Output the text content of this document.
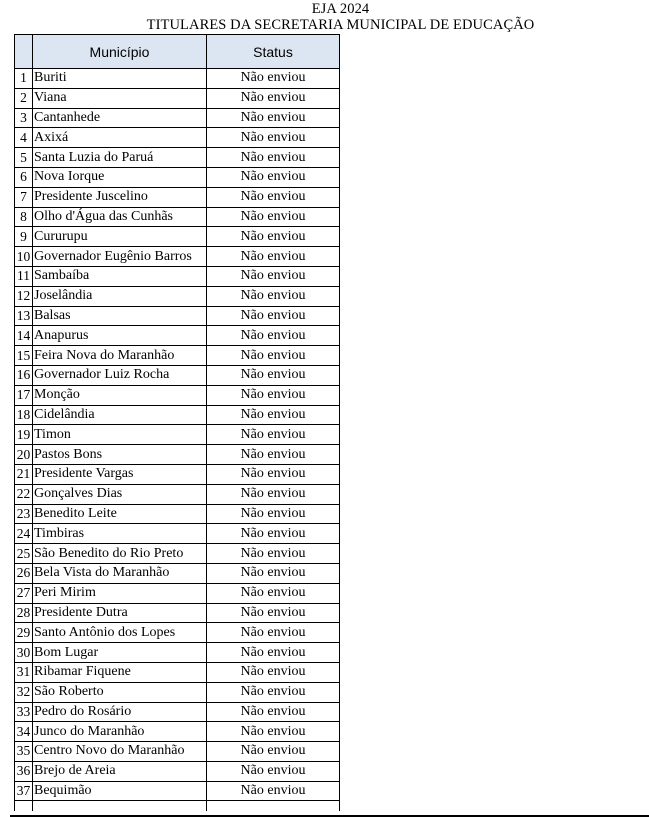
EJA 2024
TITULARES DA SECRETARIA MUNICIPAL DE EDUCAÇÃO
	Município	Status
1	Buriti	Não enviou
2	Viana	Não enviou
3	Cantanhede	Não enviou
4	Axixá	Não enviou
5	Santa Luzia do Paruá	Não enviou
6	Nova Iorque	Não enviou
7	Presidente Juscelino	Não enviou
8	Olho d'Água das Cunhãs	Não enviou
9	Cururupu	Não enviou
10	Governador Eugênio Barros	Não enviou
11	Sambaíba	Não enviou
12	Joselândia	Não enviou
13	Balsas	Não enviou
14	Anapurus	Não enviou
15	Feira Nova do Maranhão	Não enviou
16	Governador Luiz Rocha	Não enviou
17	Monção	Não enviou
18	Cidelândia	Não enviou
19	Timon	Não enviou
20	Pastos Bons	Não enviou
21	Presidente Vargas	Não enviou
22	Gonçalves Dias	Não enviou
23	Benedito Leite	Não enviou
24	Timbiras	Não enviou
25	São Benedito do Rio Preto	Não enviou
26	Bela Vista do Maranhão	Não enviou
27	Peri Mirim	Não enviou
28	Presidente Dutra	Não enviou
29	Santo Antônio dos Lopes	Não enviou
30	Bom Lugar	Não enviou
31	Ribamar Fiquene	Não enviou
32	São Roberto	Não enviou
33	Pedro do Rosário	Não enviou
34	Junco do Maranhão	Não enviou
35	Centro Novo do Maranhão	Não enviou
36	Brejo de Areia	Não enviou
37	Bequimão	Não enviou
